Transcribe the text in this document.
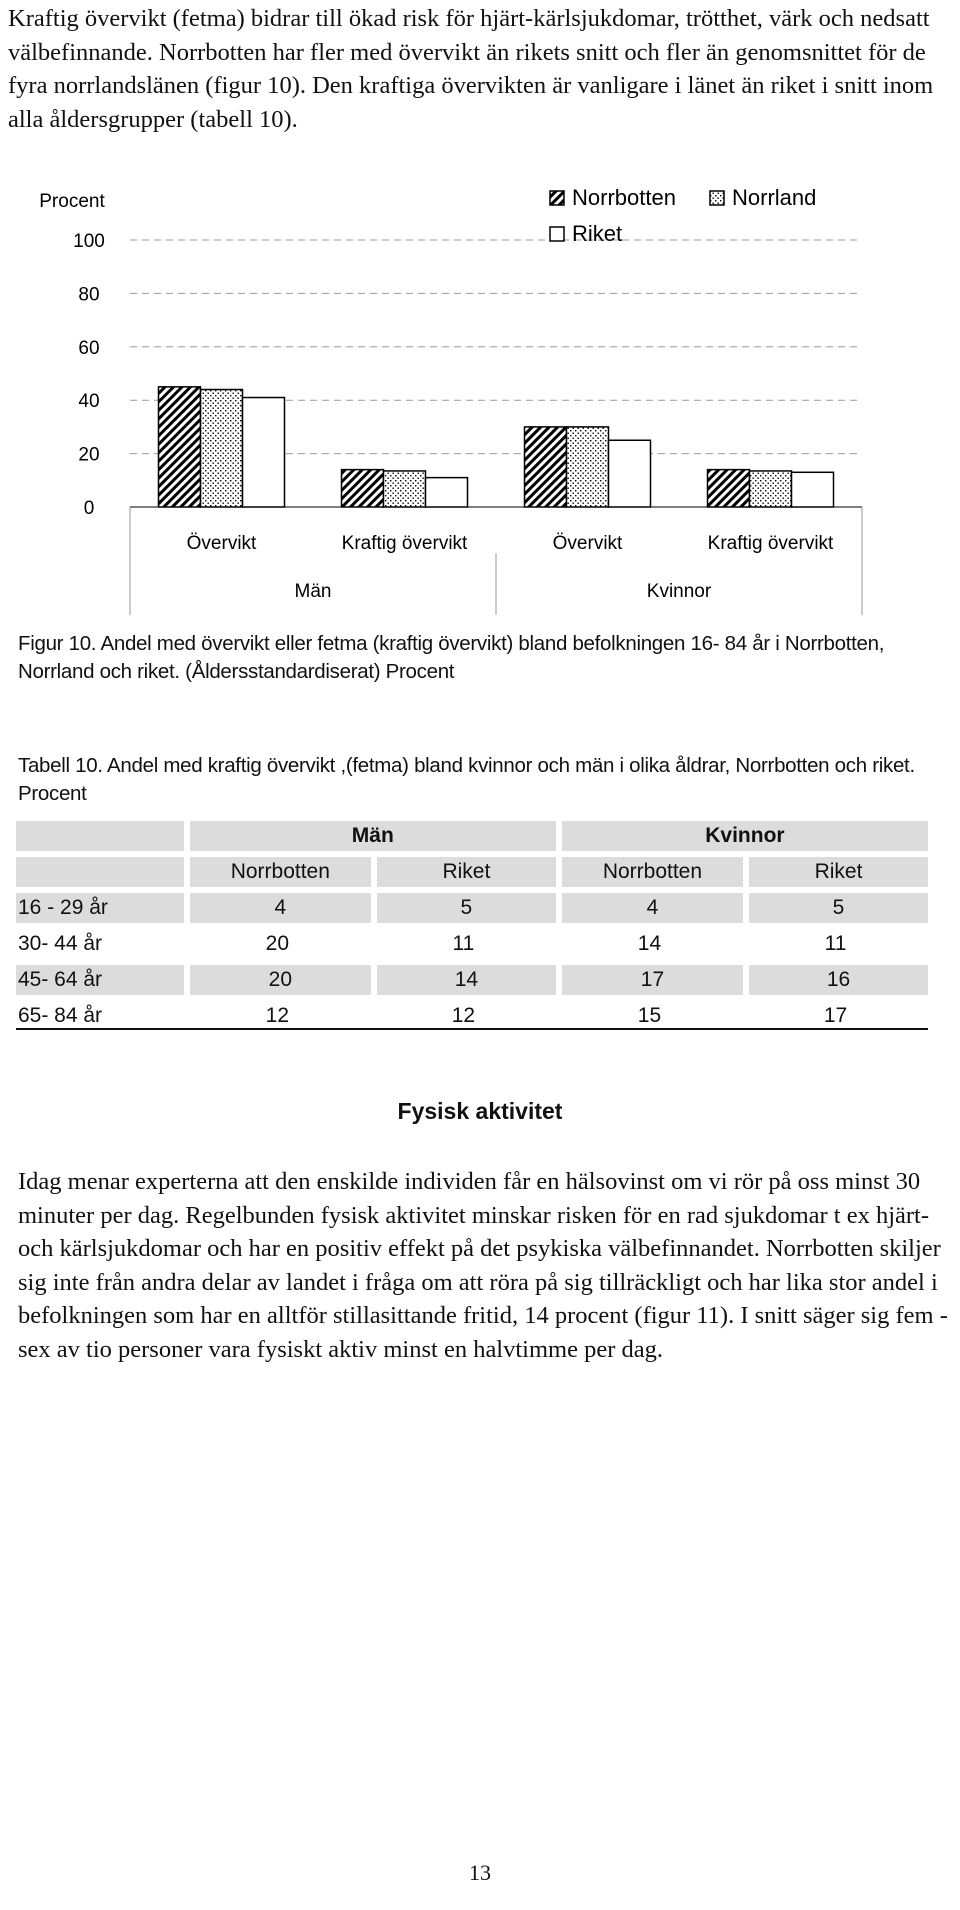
Kraftig övervikt (fetma) bidrar till ökad risk för hjärt-kärlsjukdomar, trötthet, värk och nedsatt välbefinnande. Norrbotten har fler med övervikt än rikets snitt och fler än genomsnittet för de fyra norrlandslänen (figur 10). Den kraftiga övervikten är vanligare i länet än riket i snitt inom alla åldersgrupper (tabell 10).

Procent
0
20
40
60
80
100
Övervikt	Kraftig övervikt	Övervikt	Kraftig övervikt
Män	Kvinnor
Norrbotten	Norrland
Riket

Figur 10. Andel med övervikt eller fetma (kraftig övervikt) bland befolkningen 16- 84 år i Norrbotten, Norrland och riket. (Åldersstandardiserat) Procent

Tabell 10. Andel med kraftig övervikt ,(fetma) bland kvinnor och män i olika åldrar, Norrbotten och riket. Procent

	Män		Kvinnor	
	Norrbotten	Riket	Norrbotten	Riket
16 - 29 år	4	5	4	5
30- 44 år	20	11	14	11
45- 64 år	20	14	17	16
65- 84 år	12	12	15	17
Fysisk aktivitet

Idag menar experterna att den enskilde individen får en hälsovinst om vi rör på oss minst 30 minuter per dag. Regelbunden fysisk aktivitet minskar risken för en rad sjukdomar t ex hjärt- och kärlsjukdomar och har en positiv effekt på det psykiska välbefinnandet. Norrbotten skiljer sig inte från andra delar av landet i fråga om att röra på sig tillräckligt och har lika stor andel i befolkningen som har en alltför stillasittande fritid, 14 procent (figur 11). I snitt säger sig fem - sex av tio personer vara fysiskt aktiv minst en halvtimme per dag.

13
